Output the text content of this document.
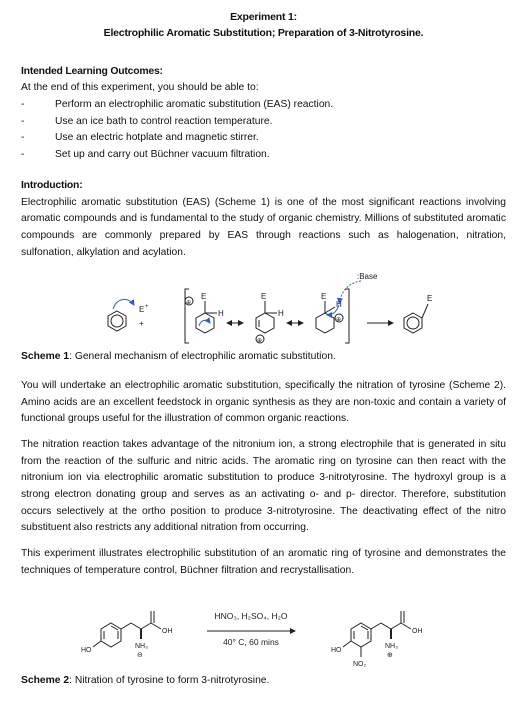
Experiment 1:
Electrophilic Aromatic Substitution; Preparation of 3-Nitrotyrosine.
Intended Learning Outcomes:
At the end of this experiment, you should be able to:
- Perform an electrophilic aromatic substitution (EAS) reaction.
- Use an ice bath to control reaction temperature.
- Use an electric hotplate and magnetic stirrer.
- Set up and carry out Büchner vacuum filtration.
Introduction:

Electrophilic aromatic substitution (EAS) (Scheme 1) is one of the most significant reactions involving aromatic compounds and is fundamental to the study of organic chemistry. Millions of substituted aromatic compounds are commonly prepared by EAS through reactions such as halogenation, nitration, sulfonation, alkylation and acylation.

E +
+
E
H
E
H
E
H
:Base
E
⊕
⊕
⊕
Scheme 1: General mechanism of electrophilic aromatic substitution.

You will undertake an electrophilic aromatic substitution, specifically the nitration of tyrosine (Scheme 2). Amino acids are an excellent feedstock in organic synthesis as they are non-toxic and contain a variety of functional groups useful for the illustration of common organic reactions.

The nitration reaction takes advantage of the nitronium ion, a strong electrophile that is generated in situ from the reaction of the sulfuric and nitric acids. The aromatic ring on tyrosine can then react with the nitronium ion via electrophilic aromatic substitution to produce 3-nitrotyrosine. The hydroxyl group is a strong electron donating group and serves as an activating o- and p- director. Therefore, substitution occurs selectively at the ortho position to produce 3-nitrotyrosine. The deactivating effect of the nitro substituent also restricts any additional nitration from occurring.

This experiment illustrates electrophilic substitution of an aromatic ring of tyrosine and demonstrates the techniques of temperature control, Büchner filtration and recrystallisation.

HO
OH
NH₃
⊖
HO
OH
NH₃
⊕
NO₂
HNO₃, H₂SO₄, H₂O
40° C, 60 mins
Scheme 2: Nitration of tyrosine to form 3-nitrotyrosine.
